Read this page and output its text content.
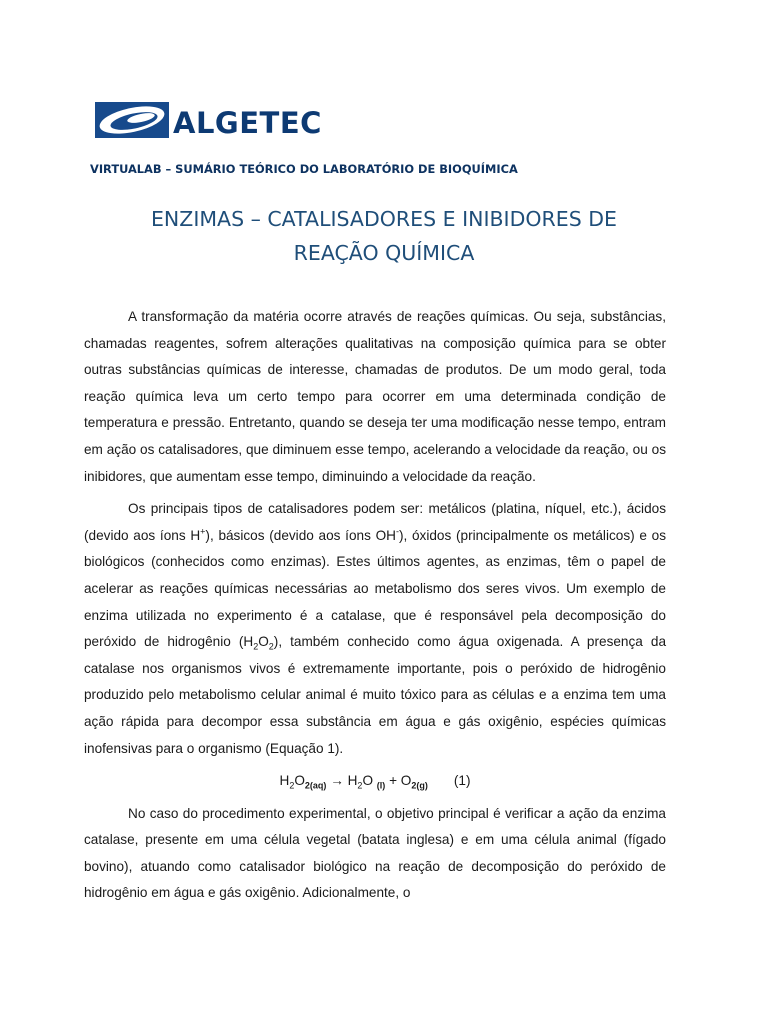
ALGETEC
VIRTUALAB – SUMÁRIO TEÓRICO DO LABORATÓRIO DE BIOQUÍMICA
ENZIMAS – CATALISADORES E INIBIDORES DE
REAÇÃO QUÍMICA

A transformação da matéria ocorre através de reações químicas. Ou seja, substâncias, chamadas reagentes, sofrem alterações qualitativas na composição química para se obter outras substâncias químicas de interesse, chamadas de produtos. De um modo geral, toda reação química leva um certo tempo para ocorrer em uma determinada condição de temperatura e pressão. Entretanto, quando se deseja ter uma modificação nesse tempo, entram em ação os catalisadores, que diminuem esse tempo, acelerando a velocidade da reação, ou os inibidores, que aumentam esse tempo, diminuindo a velocidade da reação.

Os principais tipos de catalisadores podem ser: metálicos (platina, níquel, etc.), ácidos (devido aos íons H+), básicos (devido aos íons OH-), óxidos (principalmente os metálicos) e os biológicos (conhecidos como enzimas). Estes últimos agentes, as enzimas, têm o papel de acelerar as reações químicas necessárias ao metabolismo dos seres vivos. Um exemplo de enzima utilizada no experimento é a catalase, que é responsável pela decomposição do peróxido de hidrogênio $(H_2O_2)$, também conhecido como água oxigenada. A presença da catalase nos organismos vivos é extremamente importante, pois o peróxido de hidrogênio produzido pelo metabolismo celular animal é muito tóxico para as células e a enzima tem uma ação rápida para decompor essa substância em água e gás oxigênio, espécies químicas inofensivas para o organismo (Equação 1).

$H_2O_{2(aq)} \to H_2O$ $_{(l)} + O_{2(g)}$ (1)

No caso do procedimento experimental, o objetivo principal é verificar a ação da enzima catalase, presente em uma célula vegetal (batata inglesa) e em uma célula animal (fígado bovino), atuando como catalisador biológico na reação de decomposição do peróxido de hidrogênio em água e gás oxigênio. Adicionalmente, o
